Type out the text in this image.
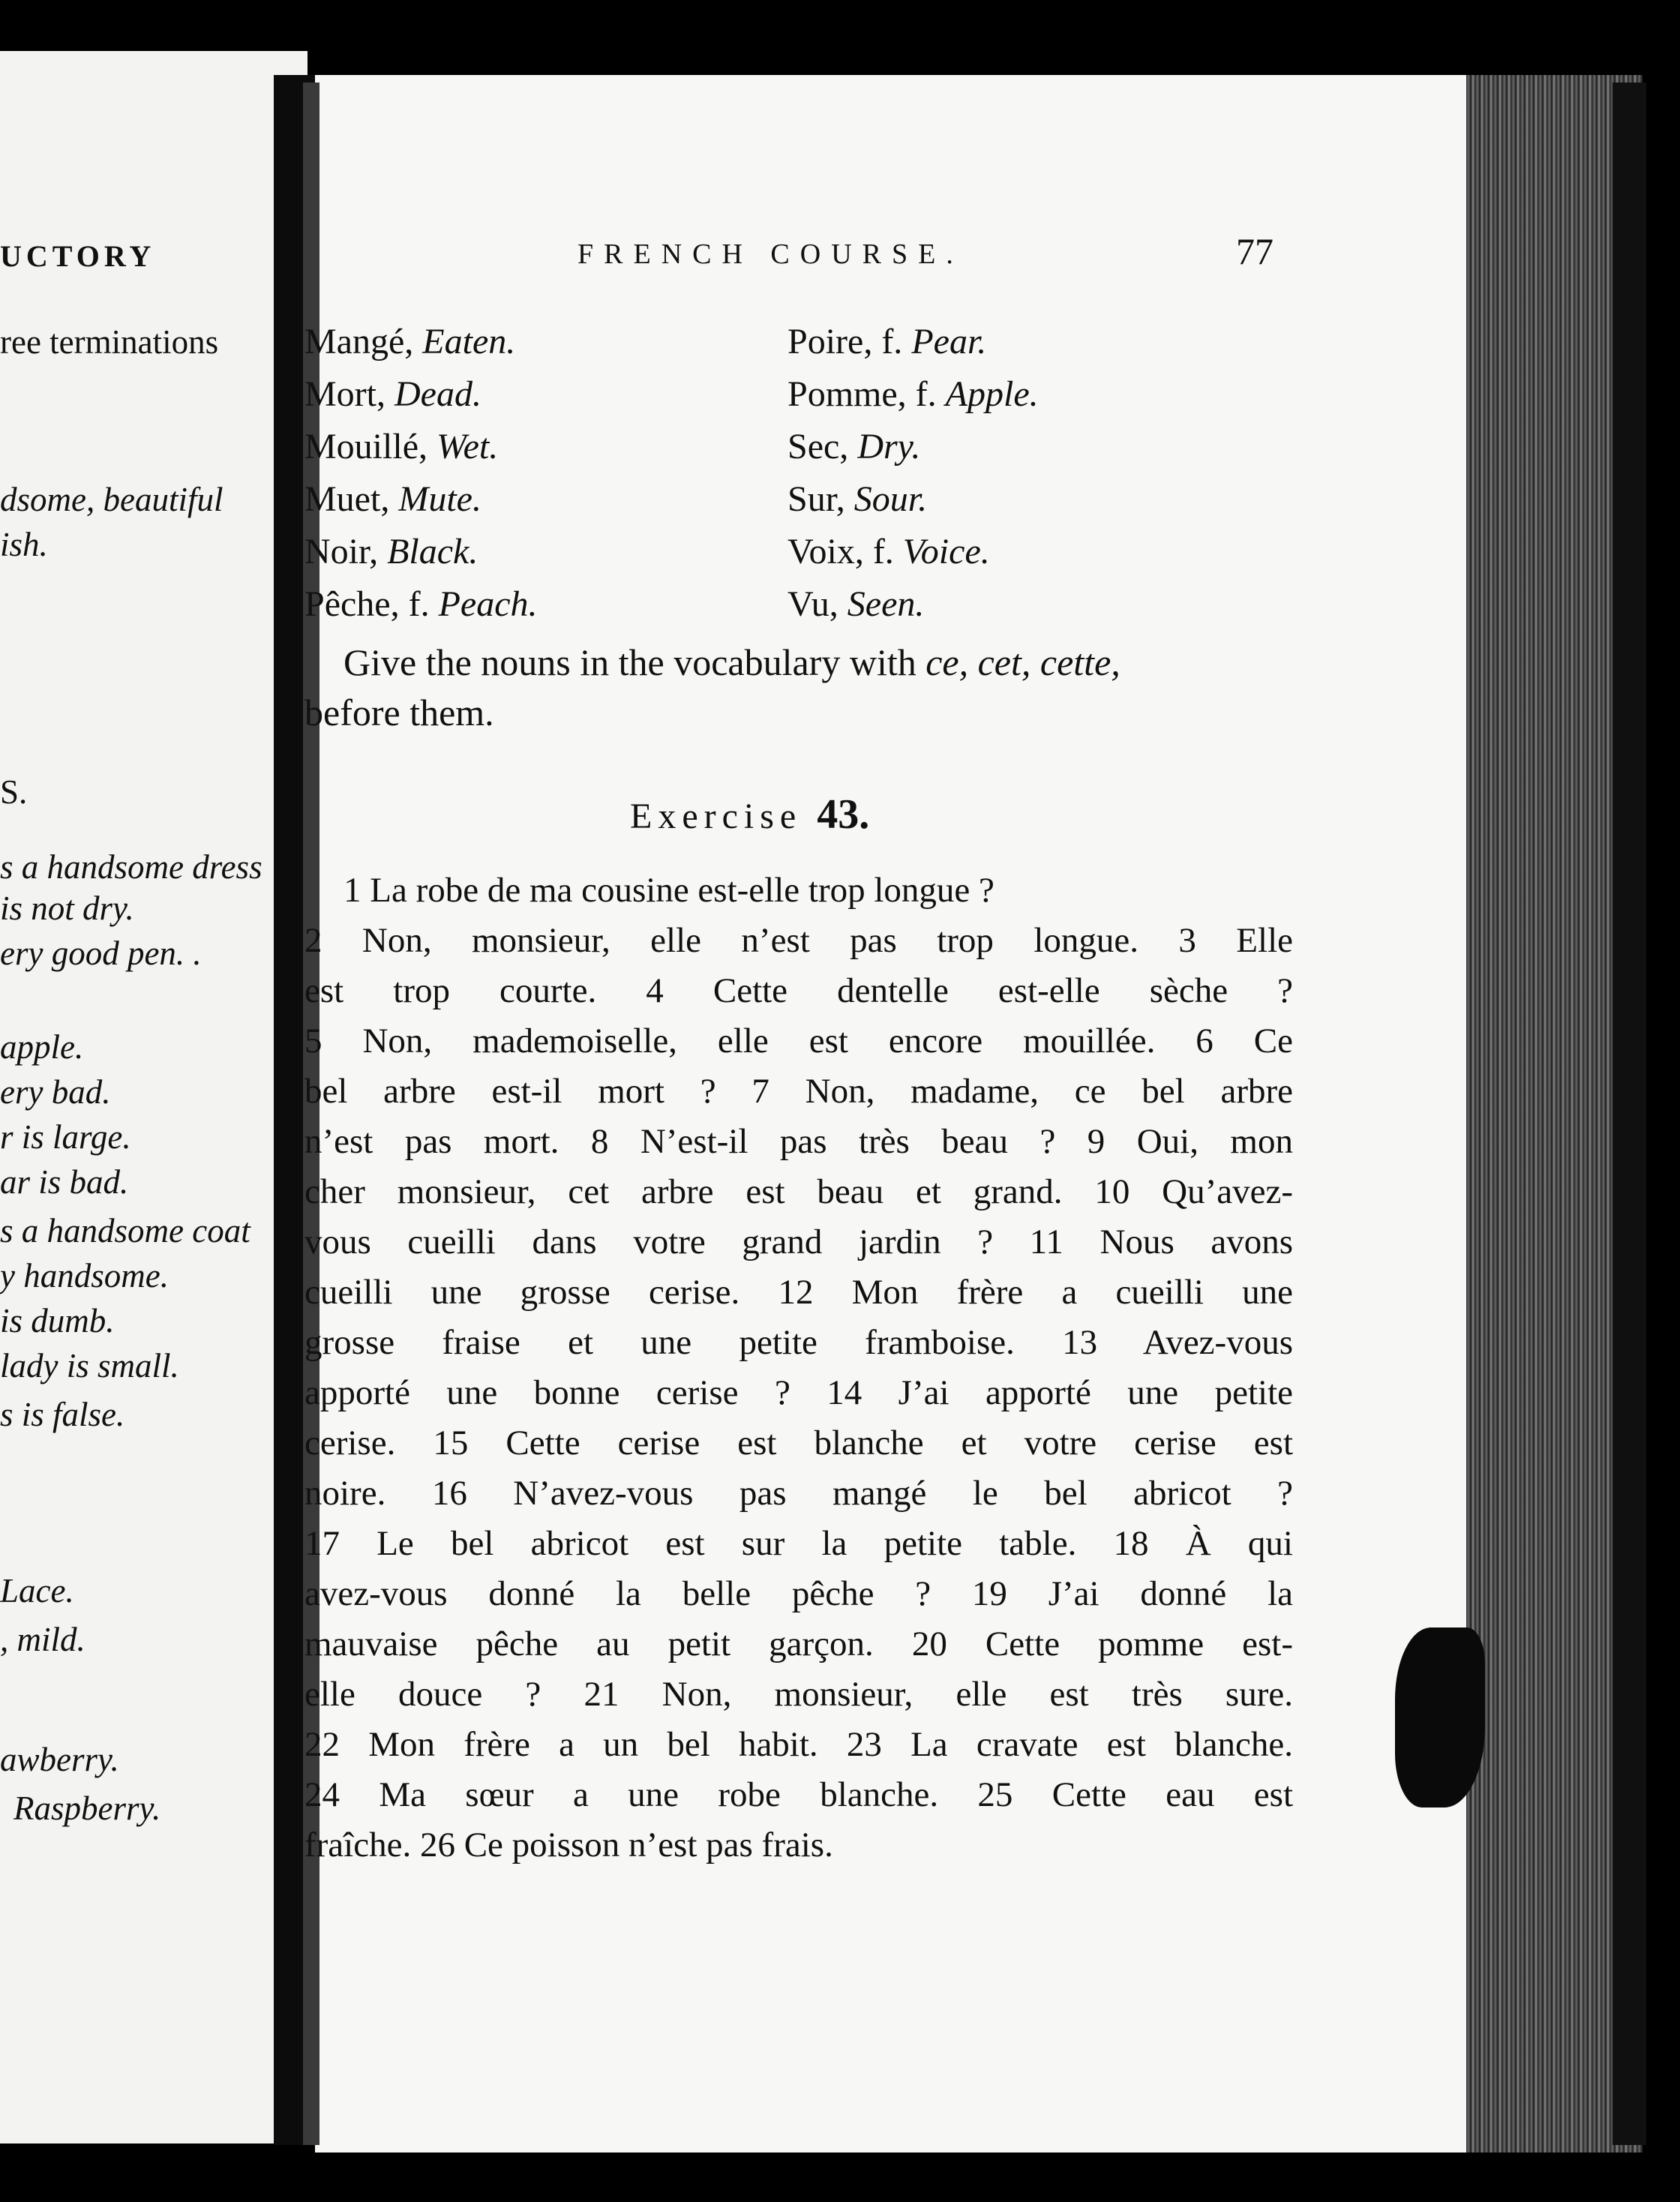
UCTORY
ree terminations
dsome, beautiful
ish.
S.
s a handsome dress
is not dry.
ery good pen. .
apple.
ery bad.
r is large.
ar is bad.
s a handsome coat
y handsome.
is dumb.
lady is small.
s is false.
Lace.
, mild.
awberry.
Raspberry.
FRENCH COURSE.	77
Mangé, Eaten.
Mort, Dead.
Mouillé, Wet.
Muet, Mute.
Noir, Black.
Pêche, f. Peach.
Poire, f. Pear.
Pomme, f. Apple.
Sec, Dry.
Sur, Sour.
Voix, f. Voice.
Vu, Seen.
Give the nouns in the vocabulary with ce, cet, cette,
before them.
Exercise 43.
1 La robe de ma cousine est-elle trop longue ?
2 Non, monsieur, elle n’est pas trop longue. 3 Elle
est trop courte. 4 Cette dentelle est-elle sèche ?
5 Non, mademoiselle, elle est encore mouillée. 6 Ce
bel arbre est-il mort ? 7 Non, madame, ce bel arbre
n’est pas mort. 8 N’est-il pas très beau ? 9 Oui, mon
cher monsieur, cet arbre est beau et grand. 10 Qu’avez-
vous cueilli dans votre grand jardin ? 11 Nous avons
cueilli une grosse cerise. 12 Mon frère a cueilli une
grosse fraise et une petite framboise. 13 Avez-vous
apporté une bonne cerise ? 14 J’ai apporté une petite
cerise. 15 Cette cerise est blanche et votre cerise est
noire. 16 N’avez-vous pas mangé le bel abricot ?
17 Le bel abricot est sur la petite table. 18 À qui
avez-vous donné la belle pêche ? 19 J’ai donné la
mauvaise pêche au petit garçon. 20 Cette pomme est-
elle douce ? 21 Non, monsieur, elle est très sure.
22 Mon frère a un bel habit. 23 La cravate est blanche.
24 Ma sœur a une robe blanche. 25 Cette eau est
fraîche. 26 Ce poisson n’est pas frais.
